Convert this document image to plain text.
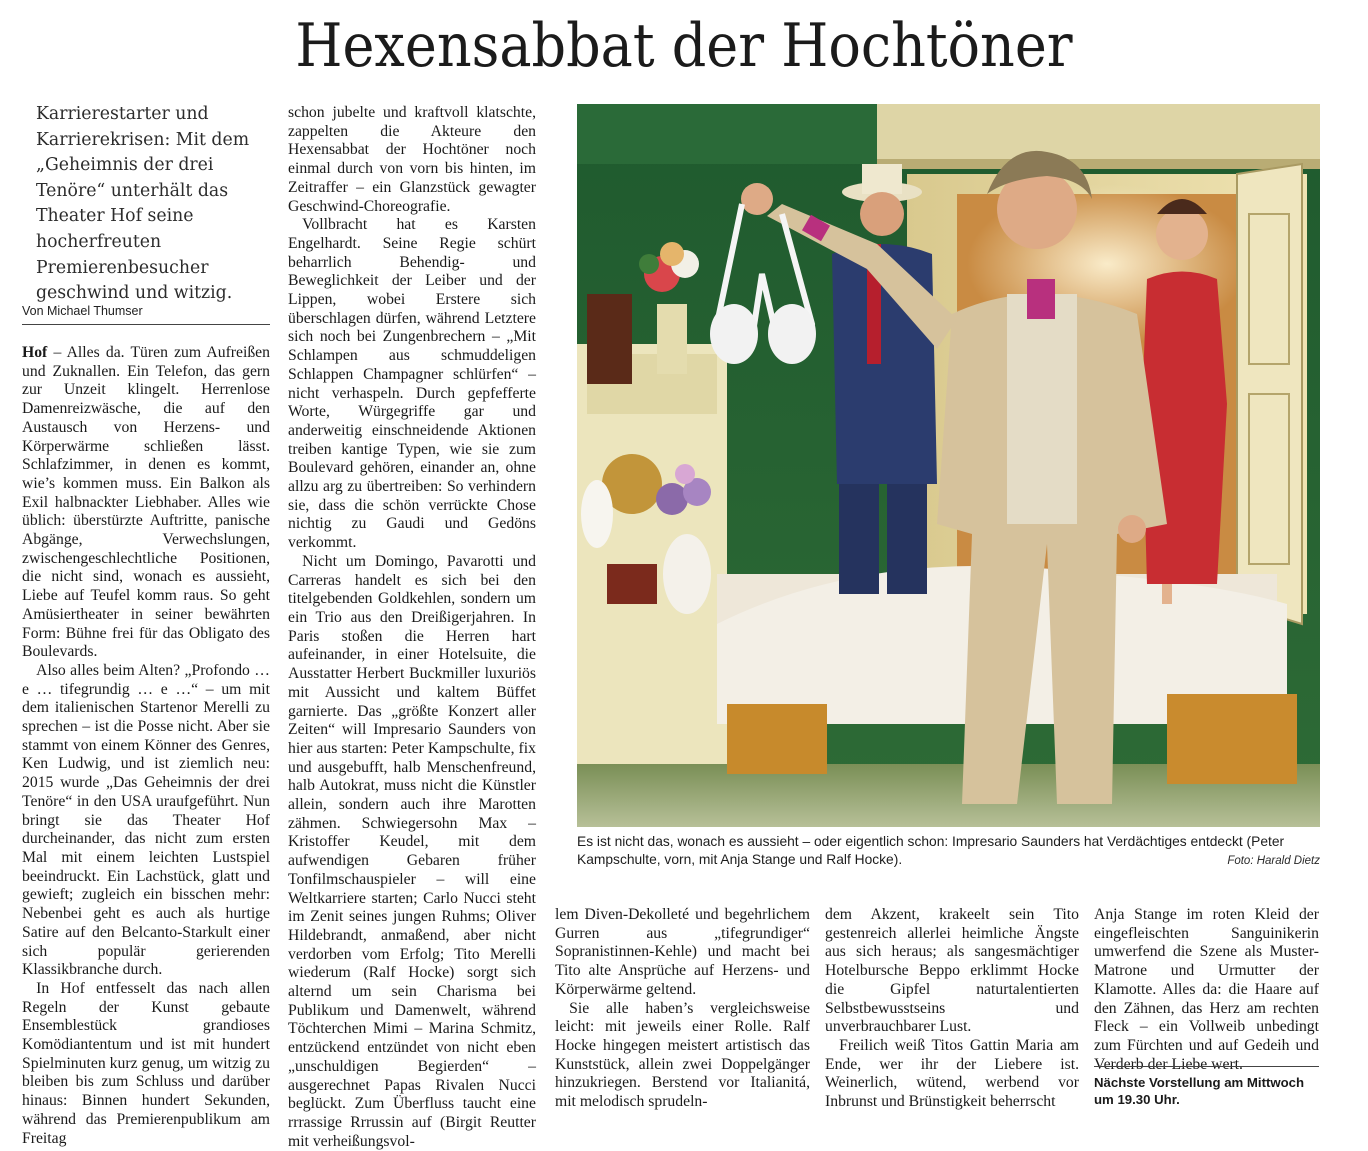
Hexensabbat der Hochtöner
Karrierestarter und Karrierekrisen: Mit dem „Geheimnis der drei Tenöre“ unterhält das Theater Hof seine hocherfreuten Premierenbesucher geschwind und witzig.
Von Michael Thumser

Hof – Alles da. Türen zum Aufreißen und Zuknallen. Ein Telefon, das gern zur Unzeit klingelt. Herrenlose Damenreizwäsche, die auf den Austausch von Herzens- und Körperwärme schließen lässt. Schlafzimmer, in denen es kommt, wie’s kommen muss. Ein Balkon als Exil halbnackter Liebhaber. Alles wie üblich: überstürzte Auftritte, panische Abgänge, Verwechslungen, zwischengeschlechtliche Positionen, die nicht sind, wonach es aussieht, Liebe auf Teufel komm raus. So geht Amüsiertheater in seiner bewährten Form: Bühne frei für das Obligato des Boulevards.

Also alles beim Alten? „Profondo … e … tifegrundig … e …“ – um mit dem italienischen Startenor Merelli zu sprechen – ist die Posse nicht. Aber sie stammt von einem Könner des Genres, Ken Ludwig, und ist ziemlich neu: 2015 wurde „Das Geheimnis der drei Tenöre“ in den USA uraufgeführt. Nun bringt sie das Theater Hof durcheinander, das nicht zum ersten Mal mit einem leichten Lustspiel beeindruckt. Ein Lachstück, glatt und gewieft; zugleich ein bisschen mehr: Nebenbei geht es auch als hurtige Satire auf den Belcanto-Starkult einer sich populär gerierenden Klassikbranche durch.

In Hof entfesselt das nach allen Regeln der Kunst gebaute Ensemblestück grandioses Komödiantentum und ist mit hundert Spielminuten kurz genug, um witzig zu bleiben bis zum Schluss und darüber hinaus: Binnen hundert Sekunden, während das Premierenpublikum am Freitag

schon jubelte und kraftvoll klatschte, zappelten die Akteure den Hexensabbat der Hochtöner noch einmal durch von vorn bis hinten, im Zeitraffer – ein Glanzstück gewagter Geschwind-Choreografie.

Vollbracht hat es Karsten Engelhardt. Seine Regie schürt beharrlich Behendig- und Beweglichkeit der Leiber und der Lippen, wobei Erstere sich überschlagen dürfen, während Letztere sich noch bei Zungenbrechern – „Mit Schlampen aus schmuddeligen Schlappen Champagner schlürfen“ – nicht verhaspeln. Durch gepfefferte Worte, Würgegriffe gar und anderweitig einschneidende Aktionen treiben kantige Typen, wie sie zum Boulevard gehören, einander an, ohne allzu arg zu übertreiben: So verhindern sie, dass die schön verrückte Chose nichtig zu Gaudi und Gedöns verkommt.

Nicht um Domingo, Pavarotti und Carreras handelt es sich bei den titelgebenden Goldkehlen, sondern um ein Trio aus den Dreißigerjahren. In Paris stoßen die Herren hart aufeinander, in einer Hotelsuite, die Ausstatter Herbert Buckmiller luxuriös mit Aussicht und kaltem Büffet garnierte. Das „größte Konzert aller Zeiten“ will Impresario Saunders von hier aus starten: Peter Kampschulte, fix und ausgebufft, halb Menschenfreund, halb Autokrat, muss nicht die Künstler allein, sondern auch ihre Marotten zähmen. Schwiegersohn Max – Kristoffer Keudel, mit dem aufwendigen Gebaren früher Tonfilmschauspieler – will eine Weltkarriere starten; Carlo Nucci steht im Zenit seines jungen Ruhms; Oliver Hildebrandt, anmaßend, aber nicht verdorben vom Erfolg; Tito Merelli wiederum (Ralf Hocke) sorgt sich alternd um sein Charisma bei Publikum und Damenwelt, während Töchterchen Mimi – Marina Schmitz, entzückend entzündet von nicht eben „unschuldigen Begierden“ – ausgerechnet Papas Rivalen Nucci beglückt. Zum Überfluss taucht eine rrrassige Rrrussin auf (Birgit Reutter mit verheißungsvol-

Es ist nicht das, wonach es aussieht – oder eigentlich schon: Impresario Saunders hat Verdächtiges entdeckt (Peter Kampschulte, vorn, mit Anja Stange und Ralf Hocke).	Foto: Harald Dietz

lem Diven-Dekolleté und begehrlichem Gurren aus „tifegrundiger“ Sopranistinnen-Kehle) und macht bei Tito alte Ansprüche auf Herzens- und Körperwärme geltend.

Sie alle haben’s vergleichsweise leicht: mit jeweils einer Rolle. Ralf Hocke hingegen meistert artistisch das Kunststück, allein zwei Doppelgänger hinzukriegen. Berstend vor Italianitá, mit melodisch sprudeln-

dem Akzent, krakeelt sein Tito gestenreich allerlei heimliche Ängste aus sich heraus; als sangesmächtiger Hotelbursche Beppo erklimmt Hocke die Gipfel naturtalentierten Selbstbewusstseins und unverbrauchbarer Lust.

Freilich weiß Titos Gattin Maria am Ende, wer ihr der Liebere ist. Weinerlich, wütend, werbend vor Inbrunst und Brünstigkeit beherrscht

Anja Stange im roten Kleid der eingefleischten Sanguinikerin umwerfend die Szene als Muster-Matrone und Urmutter der Klamotte. Alles da: die Haare auf den Zähnen, das Herz am rechten Fleck – ein Vollweib unbedingt zum Fürchten und auf Gedeih und Verderb der Liebe wert.

Nächste Vorstellung am Mittwoch um 19.30 Uhr.
